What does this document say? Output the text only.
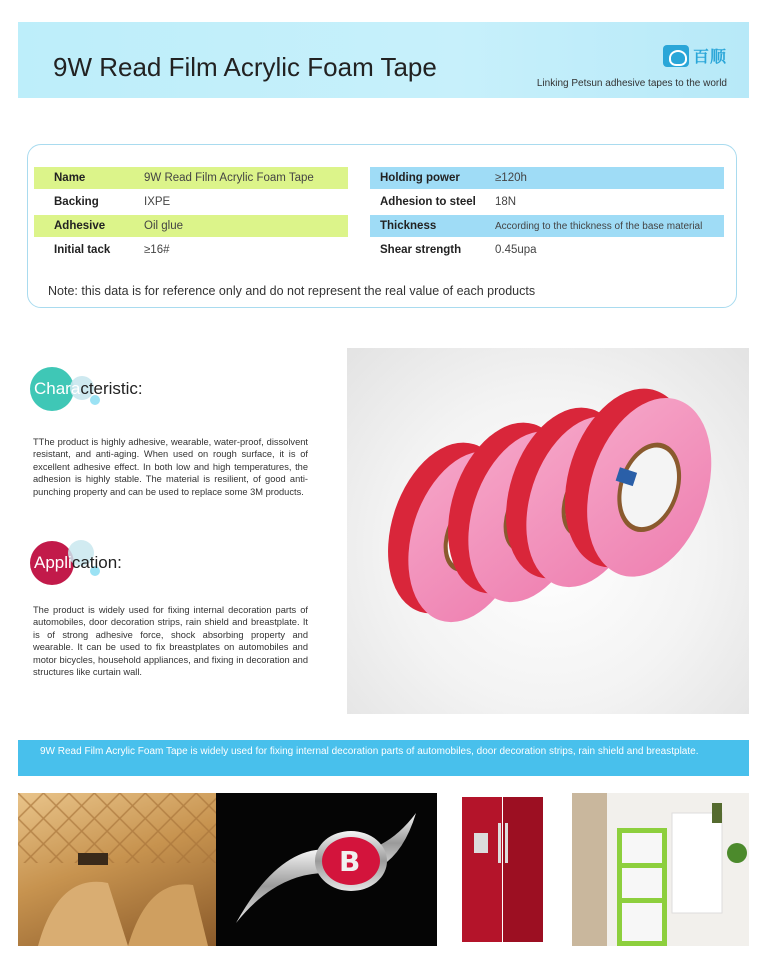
9W Read Film Acrylic Foam Tape	百顺
Linking Petsun adhesive tapes to the world
Name	9W Read Film Acrylic Foam Tape
Backing	IXPE
Adhesive	Oil glue
Initial tack	≥16#
Holding power	≥120h
Adhesion to steel 18N
Thickness	According to the thickness of the base material
Shear strength	0.45upa
Note: this data is for reference only and do not represent the real value of each products
Characteristic:
TThe product is highly adhesive, wearable, water-proof, dissolvent resistant, and anti-aging. When used on rough surface, it is of excellent adhesive effect. In both low and high temperatures, the adhesion is highly stable. The material is resilient, of good anti-punching property and can be used to replace some 3M products.
Application:
The product is widely used for fixing internal decoration parts of automobiles, door decoration strips, rain shield and breastplate. It is of strong adhesive force, shock absorbing property and wearable. It can be used to fix breastplates on automobiles and motor bicycles, household appliances, and fixing in decoration and structures like curtain wall.
9W Read Film Acrylic Foam Tape is widely used for fixing internal decoration parts of automobiles, door decoration strips, rain shield and breastplate.
B
